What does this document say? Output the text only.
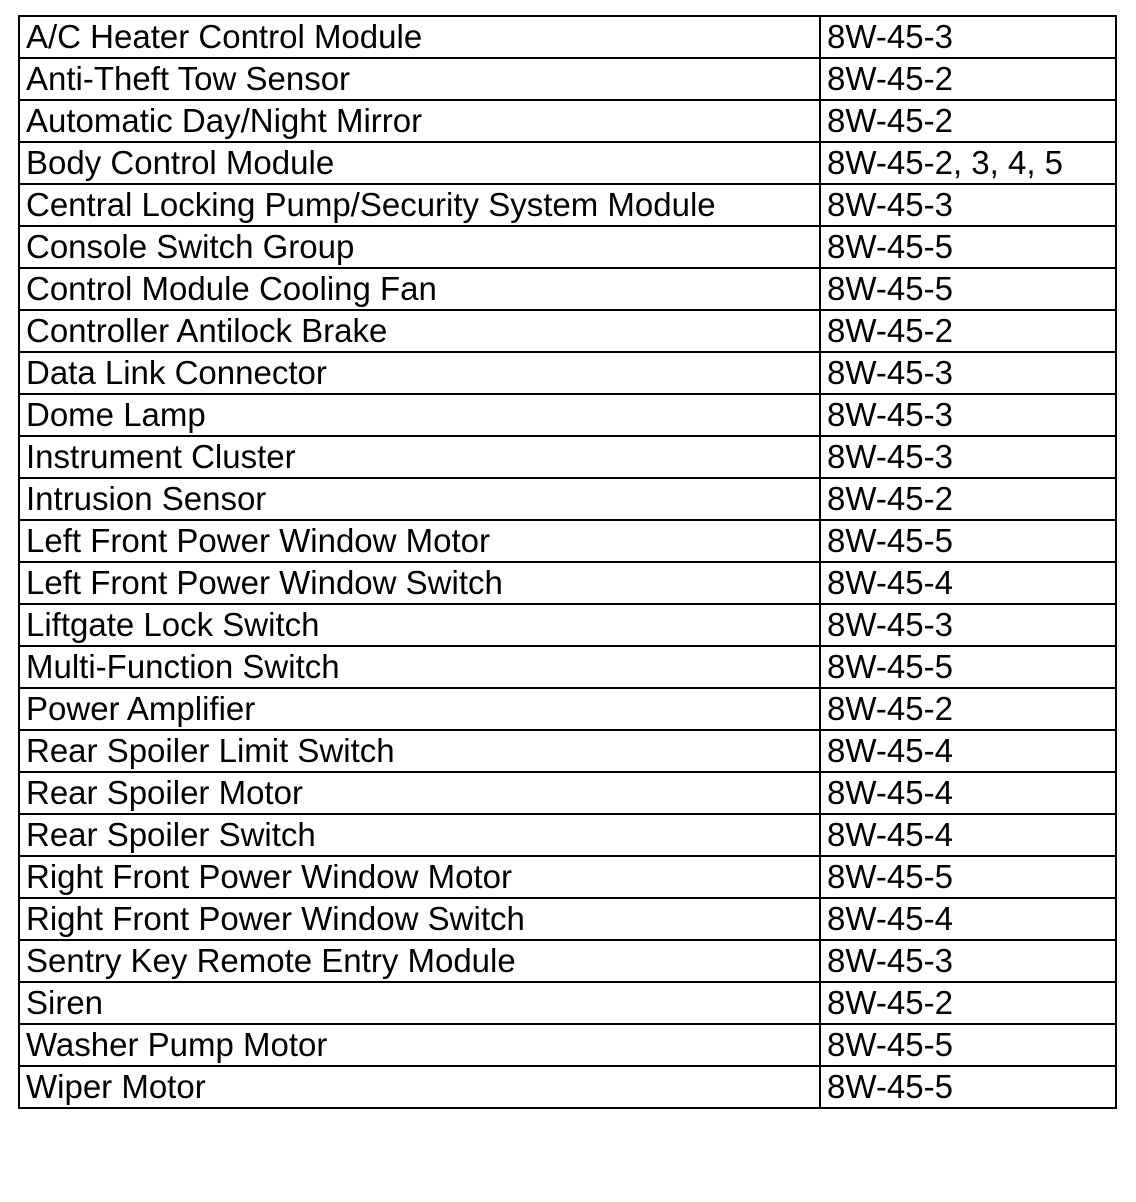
A/C Heater Control Module	8W-45-3
Anti-Theft Tow Sensor	8W-45-2
Automatic Day/Night Mirror	8W-45-2
Body Control Module	8W-45-2, 3, 4, 5
Central Locking Pump/Security System Module	8W-45-3
Console Switch Group	8W-45-5
Control Module Cooling Fan	8W-45-5
Controller Antilock Brake	8W-45-2
Data Link Connector	8W-45-3
Dome Lamp	8W-45-3
Instrument Cluster	8W-45-3
Intrusion Sensor	8W-45-2
Left Front Power Window Motor	8W-45-5
Left Front Power Window Switch	8W-45-4
Liftgate Lock Switch	8W-45-3
Multi-Function Switch	8W-45-5
Power Amplifier	8W-45-2
Rear Spoiler Limit Switch	8W-45-4
Rear Spoiler Motor	8W-45-4
Rear Spoiler Switch	8W-45-4
Right Front Power Window Motor	8W-45-5
Right Front Power Window Switch	8W-45-4
Sentry Key Remote Entry Module	8W-45-3
Siren	8W-45-2
Washer Pump Motor	8W-45-5
Wiper Motor	8W-45-5
